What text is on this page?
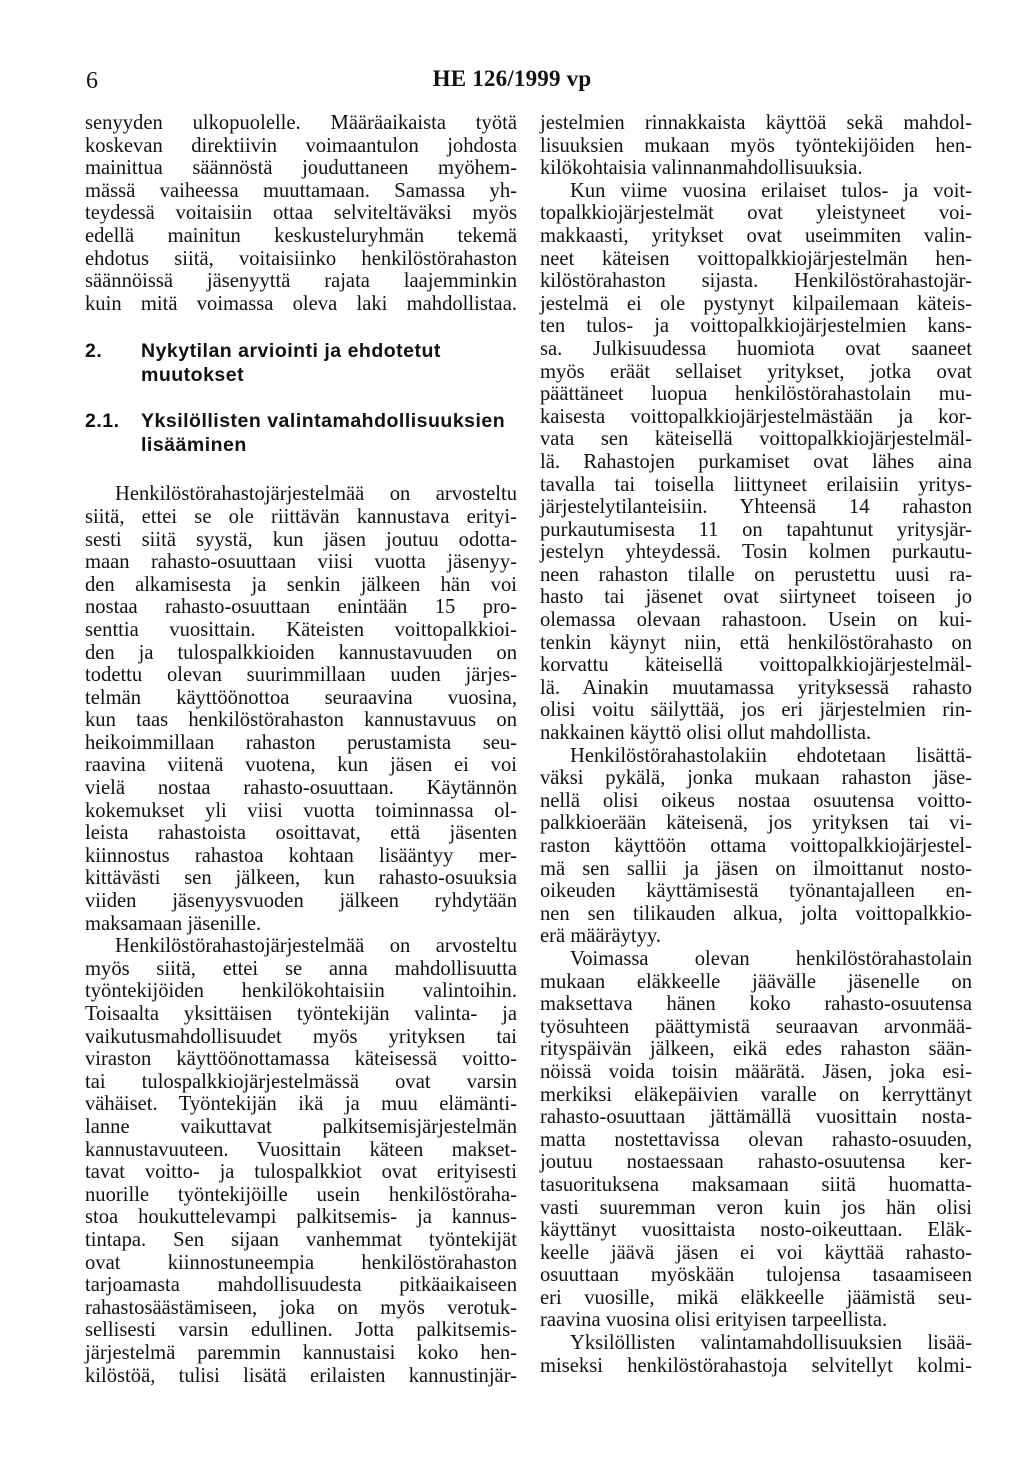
6	HE 126/1999 vp
senyyden ulkopuolelle. Määräaikaista työtä
koskevan direktiivin voimaantulon johdosta
mainittua säännöstä jouduttaneen myöhem-
mässä vaiheessa muuttamaan. Samassa yh-
teydessä voitaisiin ottaa selviteltäväksi myös
edellä mainitun keskusteluryhmän tekemä
ehdotus siitä, voitaisiinko henkilöstörahaston
säännöissä jäsenyyttä rajata laajemminkin
kuin mitä voimassa oleva laki mahdollistaa.
2. Nykytilan arviointi ja ehdotetut
muutokset
2.1. Yksilöllisten valintamahdollisuuksien
lisääminen
Henkilöstörahastojärjestelmää on arvosteltu
siitä, ettei se ole riittävän kannustava erityi-
sesti siitä syystä, kun jäsen joutuu odotta-
maan rahasto-osuuttaan viisi vuotta jäsenyy-
den alkamisesta ja senkin jälkeen hän voi
nostaa rahasto-osuuttaan enintään 15 pro-
senttia vuosittain. Käteisten voittopalkkioi-
den ja tulospalkkioiden kannustavuuden on
todettu olevan suurimmillaan uuden järjes-
telmän käyttöönottoa seuraavina vuosina,
kun taas henkilöstörahaston kannustavuus on
heikoimmillaan rahaston perustamista seu-
raavina viitenä vuotena, kun jäsen ei voi
vielä nostaa rahasto-osuuttaan. Käytännön
kokemukset yli viisi vuotta toiminnassa ol-
leista rahastoista osoittavat, että jäsenten
kiinnostus rahastoa kohtaan lisääntyy mer-
kittävästi sen jälkeen, kun rahasto-osuuksia
viiden jäsenyysvuoden jälkeen ryhdytään
maksamaan jäsenille.
Henkilöstörahastojärjestelmää on arvosteltu
myös siitä, ettei se anna mahdollisuutta
työntekijöiden henkilökohtaisiin valintoihin.
Toisaalta yksittäisen työntekijän valinta- ja
vaikutusmahdollisuudet myös yrityksen tai
viraston käyttöönottamassa käteisessä voitto-
tai tulospalkkiojärjestelmässä ovat varsin
vähäiset. Työntekijän ikä ja muu elämänti-
lanne vaikuttavat palkitsemisjärjestelmän
kannustavuuteen. Vuosittain käteen makset-
tavat voitto- ja tulospalkkiot ovat erityisesti
nuorille työntekijöille usein henkilöstöraha-
stoa houkuttelevampi palkitsemis- ja kannus-
tintapa. Sen sijaan vanhemmat työntekijät
ovat kiinnostuneempia henkilöstörahaston
tarjoamasta mahdollisuudesta pitkäaikaiseen
rahastosäästämiseen, joka on myös verotuk-
sellisesti varsin edullinen. Jotta palkitsemis-
järjestelmä paremmin kannustaisi koko hen-
kilöstöä, tulisi lisätä erilaisten kannustinjär-
jestelmien rinnakkaista käyttöä sekä mahdol-
lisuuksien mukaan myös työntekijöiden hen-
kilökohtaisia valinnanmahdollisuuksia.
Kun viime vuosina erilaiset tulos- ja voit-
topalkkiojärjestelmät ovat yleistyneet voi-
makkaasti, yritykset ovat useimmiten valin-
neet käteisen voittopalkkiojärjestelmän hen-
kilöstörahaston sijasta. Henkilöstörahastojär-
jestelmä ei ole pystynyt kilpailemaan käteis-
ten tulos- ja voittopalkkiojärjestelmien kans-
sa. Julkisuudessa huomiota ovat saaneet
myös eräät sellaiset yritykset, jotka ovat
päättäneet luopua henkilöstörahastolain mu-
kaisesta voittopalkkiojärjestelmästään ja kor-
vata sen käteisellä voittopalkkiojärjestelmäl-
lä. Rahastojen purkamiset ovat lähes aina
tavalla tai toisella liittyneet erilaisiin yritys-
järjestelytilanteisiin. Yhteensä 14 rahaston
purkautumisesta 11 on tapahtunut yritysjär-
jestelyn yhteydessä. Tosin kolmen purkautu-
neen rahaston tilalle on perustettu uusi ra-
hasto tai jäsenet ovat siirtyneet toiseen jo
olemassa olevaan rahastoon. Usein on kui-
tenkin käynyt niin, että henkilöstörahasto on
korvattu käteisellä voittopalkkiojärjestelmäl-
lä. Ainakin muutamassa yrityksessä rahasto
olisi voitu säilyttää, jos eri järjestelmien rin-
nakkainen käyttö olisi ollut mahdollista.
Henkilöstörahastolakiin ehdotetaan lisättä-
väksi pykälä, jonka mukaan rahaston jäse-
nellä olisi oikeus nostaa osuutensa voitto-
palkkioerään käteisenä, jos yrityksen tai vi-
raston käyttöön ottama voittopalkkiojärjestel-
mä sen sallii ja jäsen on ilmoittanut nosto-
oikeuden käyttämisestä työnantajalleen en-
nen sen tilikauden alkua, jolta voittopalkkio-
erä määräytyy.
Voimassa olevan henkilöstörahastolain
mukaan eläkkeelle jäävälle jäsenelle on
maksettava hänen koko rahasto-osuutensa
työsuhteen päättymistä seuraavan arvonmää-
rityspäivän jälkeen, eikä edes rahaston sään-
nöissä voida toisin määrätä. Jäsen, joka esi-
merkiksi eläkepäivien varalle on kerryttänyt
rahasto-osuuttaan jättämällä vuosittain nosta-
matta nostettavissa olevan rahasto-osuuden,
joutuu nostaessaan rahasto-osuutensa ker-
tasuorituksena maksamaan siitä huomatta-
vasti suuremman veron kuin jos hän olisi
käyttänyt vuosittaista nosto-oikeuttaan. Eläk-
keelle jäävä jäsen ei voi käyttää rahasto-
osuuttaan myöskään tulojensa tasaamiseen
eri vuosille, mikä eläkkeelle jäämistä seu-
raavina vuosina olisi erityisen tarpeellista.
Yksilöllisten valintamahdollisuuksien lisää-
miseksi henkilöstörahastoja selvitellyt kolmi-
